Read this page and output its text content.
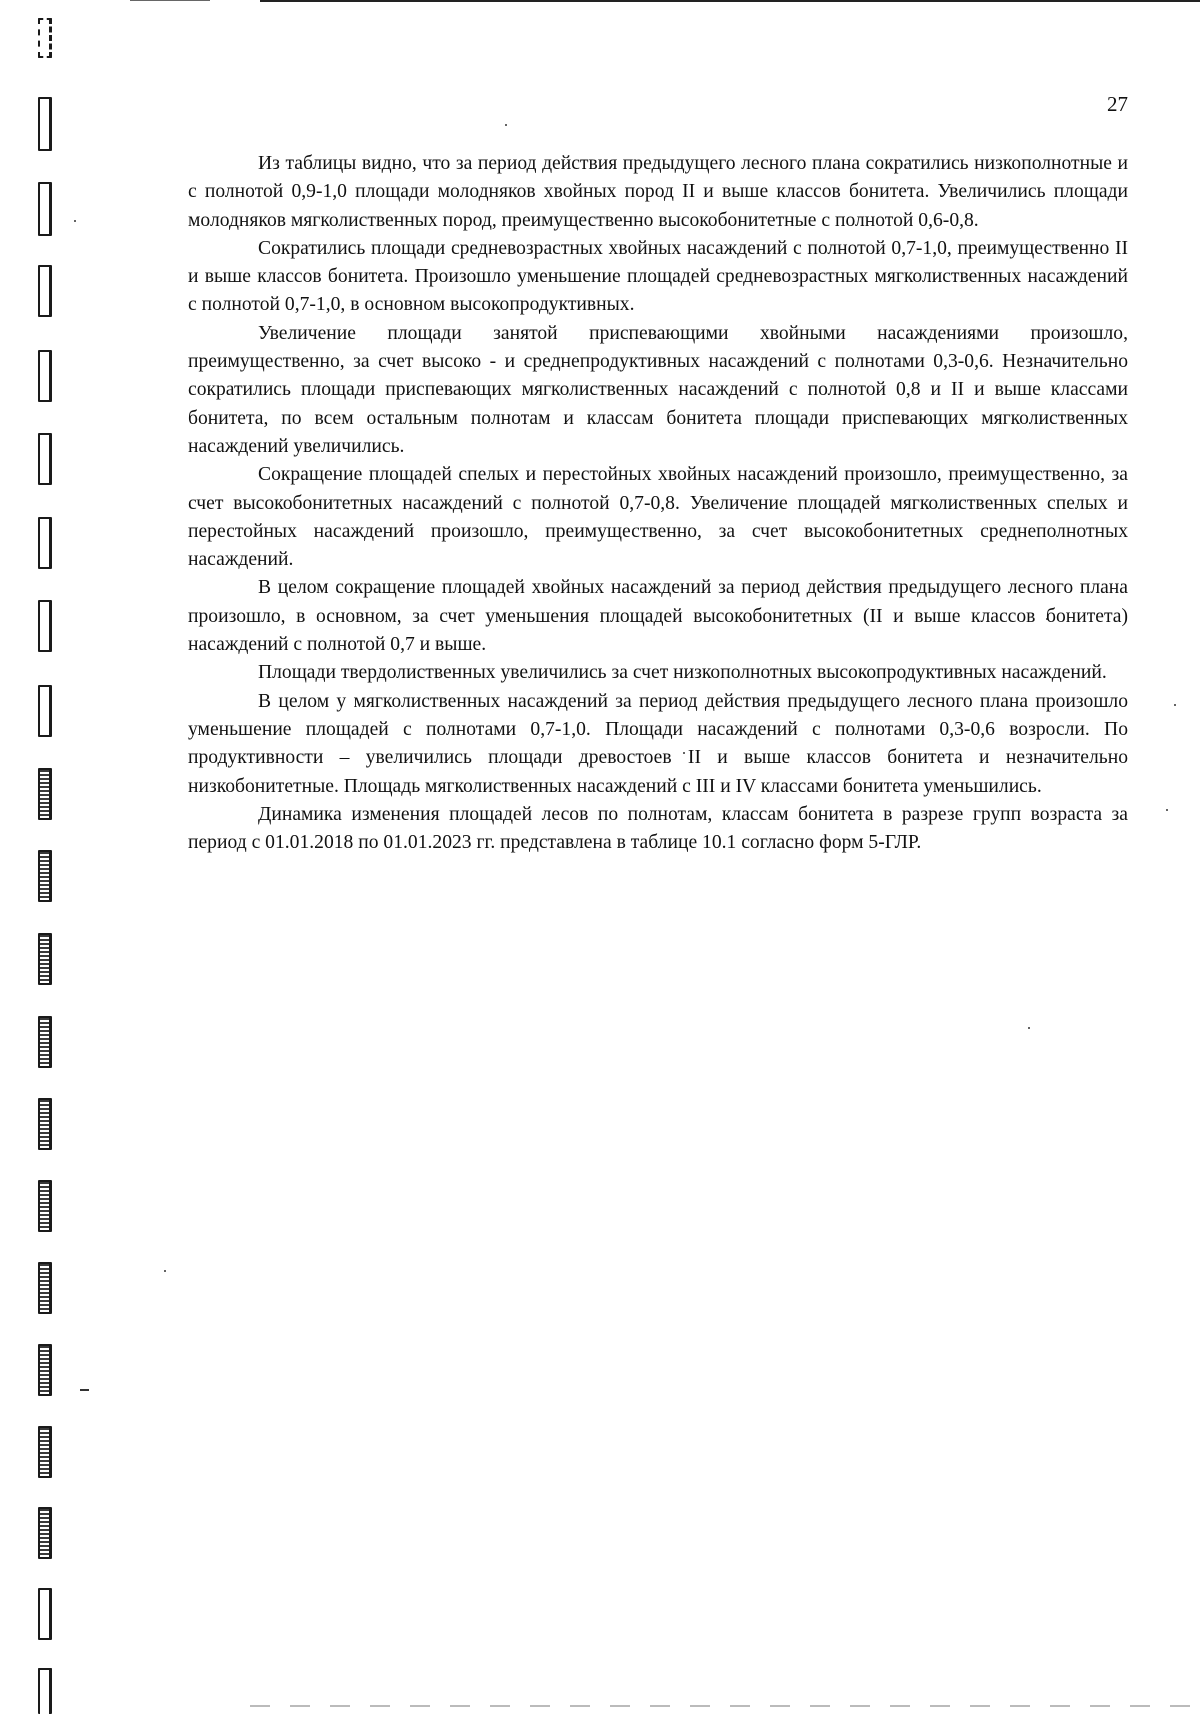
27

Из таблицы видно, что за период действия предыдущего лесного плана сократились низкополнотные и с полнотой 0,9-1,0 площади молодняков хвойных пород II и выше классов бонитета. Увеличились площади молодняков мягколиственных пород, преимущественно высокобонитетные с полнотой 0,6-0,8.

Сократились площади средневозрастных хвойных насаждений с полнотой 0,7-1,0, преимущественно II и выше классов бонитета. Произошло уменьшение площадей средневозрастных мягколиственных насаждений с полнотой 0,7-1,0, в основном высокопродуктивных.

Увеличение площади занятой приспевающими хвойными насаждениями произошло, преимущественно, за счет высоко - и среднепродуктивных насаждений с полнотами 0,3-0,6. Незначительно сократились площади приспевающих мягколиственных насаждений с полнотой 0,8 и II и выше классами бонитета, по всем остальным полнотам и классам бонитета площади приспевающих мягколиственных насаждений увеличились.

Сокращение площадей спелых и перестойных хвойных насаждений произошло, преимущественно, за счет высокобонитетных насаждений с полнотой 0,7-0,8. Увеличение площадей мягколиственных спелых и перестойных насаждений произошло, преимущественно, за счет высокобонитетных среднеполнотных насаждений.

В целом сокращение площадей хвойных насаждений за период действия предыдущего лесного плана произошло, в основном, за счет уменьшения площадей высокобонитетных (II и выше классов бонитета) насаждений с полнотой 0,7 и выше.

Площади твердолиственных увеличились за счет низкополнотных высокопродуктивных насаждений.

В целом у мягколиственных насаждений за период действия предыдущего лесного плана произошло уменьшение площадей с полнотами 0,7-1,0. Площади насаждений с полнотами 0,3-0,6 возросли. По продуктивности – увеличились площади древостоев II и выше классов бонитета и незначительно низкобонитетные. Площадь мягколиственных насаждений с III и IV классами бонитета уменьшились.

Динамика изменения площадей лесов по полнотам, классам бонитета в разрезе групп возраста за период с 01.01.2018 по 01.01.2023 гг. представлена в таблице 10.1 согласно форм 5-ГЛР.
